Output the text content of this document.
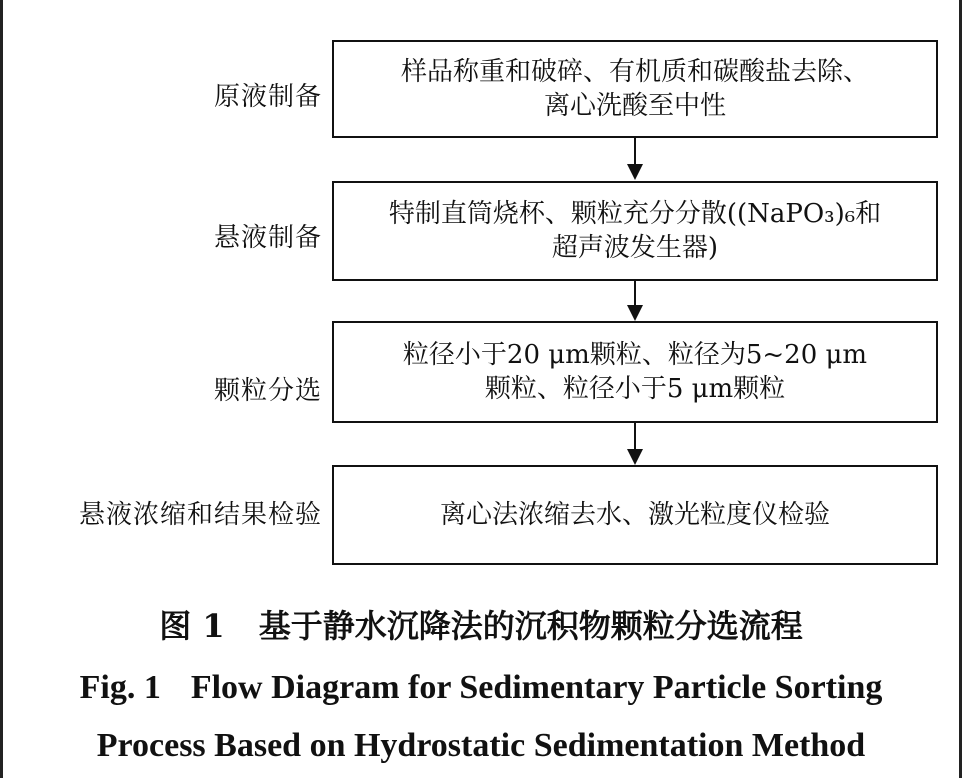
原液制备
样品称重和破碎、有机质和碳酸盐去除、
离心洗酸至中性
悬液制备
特制直筒烧杯、颗粒充分分散((NaPO₃)₆和
超声波发生器)
颗粒分选
粒径小于20 μm颗粒、粒径为5~20 μm
颗粒、粒径小于5 μm颗粒
悬液浓缩和结果检验	离心法浓缩去水、激光粒度仪检验
图 1 基于静水沉降法的沉积物颗粒分选流程
Fig. 1 Flow Diagram for Sedimentary Particle Sorting
Process Based on Hydrostatic Sedimentation Method
